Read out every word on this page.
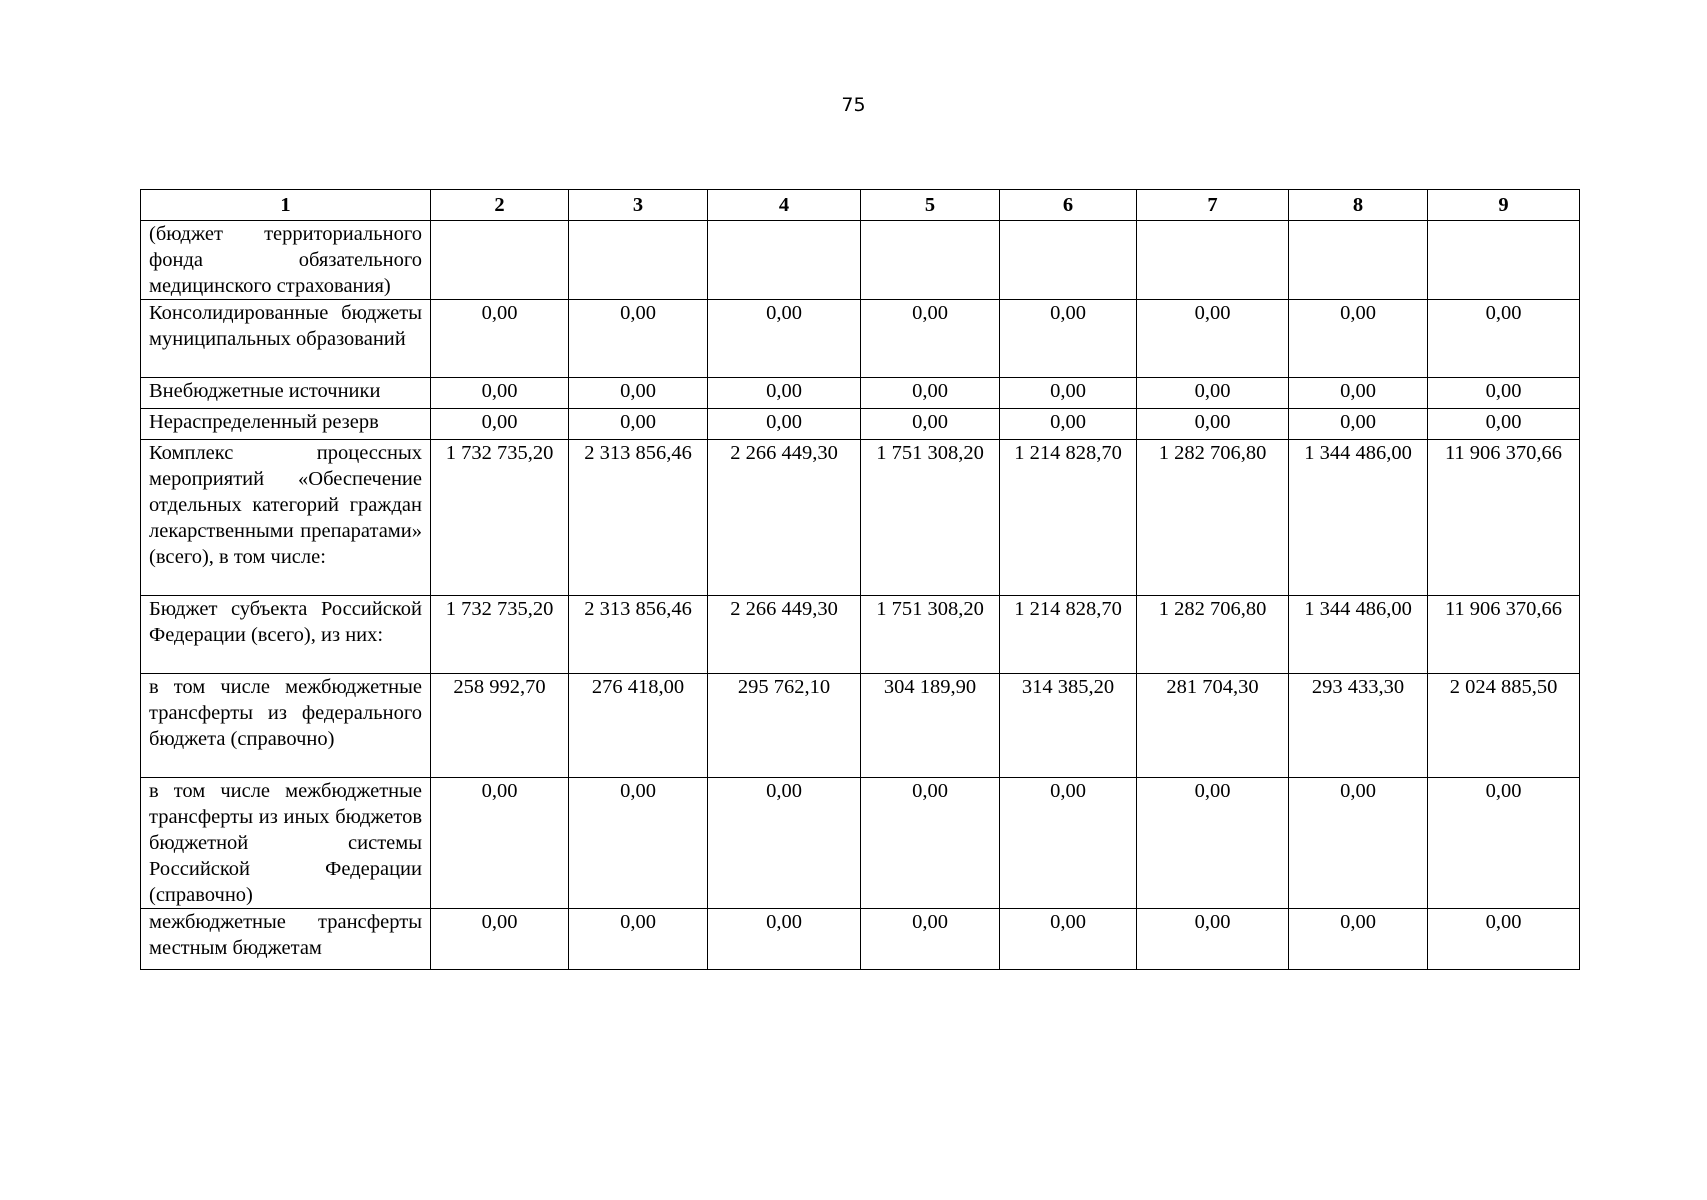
75
1	2	3	4	5	6	7	8	9
(бюджет территориального фонда обязательного медицинского страхования)								
Консолидированные бюджеты муниципальных образований	0,00	0,00	0,00	0,00	0,00	0,00	0,00	0,00
Внебюджетные источники	0,00	0,00	0,00	0,00	0,00	0,00	0,00	0,00
Нераспределенный резерв	0,00	0,00	0,00	0,00	0,00	0,00	0,00	0,00
Комплекс процессных мероприятий «Обеспечение отдельных категорий граждан лекарственными препаратами» (всего), в том числе:	1 732 735,20	2 313 856,46	2 266 449,30	1 751 308,20	1 214 828,70	1 282 706,80	1 344 486,00	11 906 370,66
Бюджет субъекта Российской Федерации (всего), из них:	1 732 735,20	2 313 856,46	2 266 449,30	1 751 308,20	1 214 828,70	1 282 706,80	1 344 486,00	11 906 370,66
в том числе межбюджетные трансферты из федерального бюджета (справочно)	258 992,70	276 418,00	295 762,10	304 189,90	314 385,20	281 704,30	293 433,30	2 024 885,50
в том числе межбюджетные трансферты из иных бюджетов бюджетной системы Российской Федерации (справочно)	0,00	0,00	0,00	0,00	0,00	0,00	0,00	0,00
межбюджетные трансферты местным бюджетам	0,00	0,00	0,00	0,00	0,00	0,00	0,00	0,00
